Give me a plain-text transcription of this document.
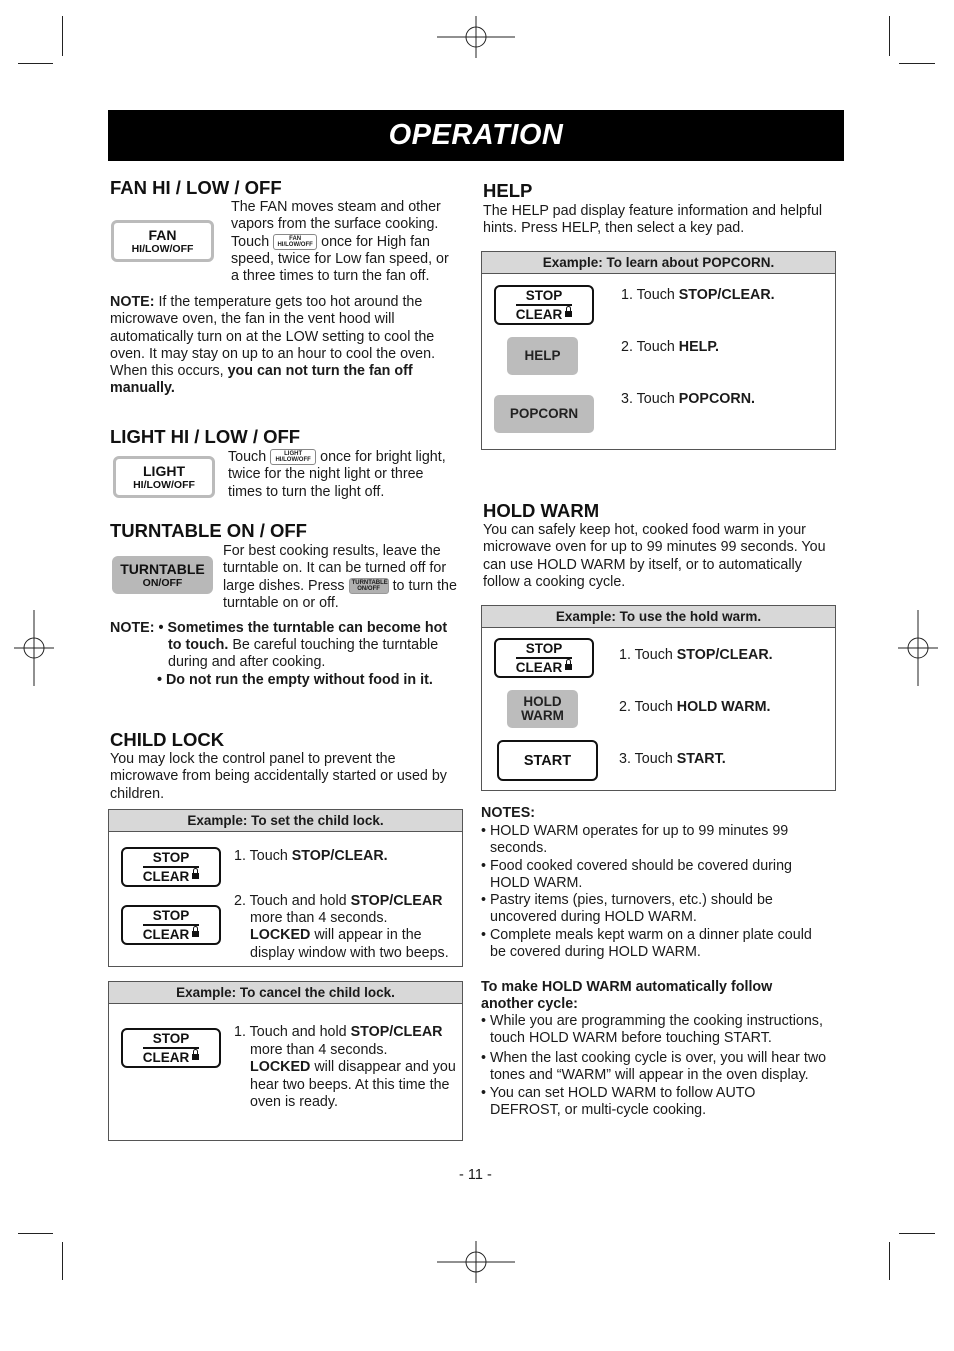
OPERATION
FAN HI / LOW / OFF
FAN
HI/LOW/OFF

The FAN moves steam and other
vapors from the surface cooking.
Touch	FAN
HI/LOW/OFF once for High fan
speed, twice for Low fan speed, or
a three times to turn the fan off.

NOTE: If the temperature gets too hot around the
microwave oven, the fan in the vent hood will
automatically turn on at the LOW setting to cool the
oven. It may stay on up to an hour to cool the oven.
When this occurs, you can not turn the fan off
manually.

LIGHT HI / LOW / OFF
LIGHT
HI/LOW/OFF

Touch	LIGHT
HI/LOW/OFF once for bright light,
twice for the night light or three
times to turn the light off.

TURNTABLE ON / OFF
TURNTABLE
ON/OFF

For best cooking results, leave the
turntable on. It can be turned off for
large dishes. Press TURNTABLE
ON/OFF to turn the
turntable on or off.

NOTE: • Sometimes the turntable can become hot
to touch. Be careful touching the turntable
during and after cooking.
• Do not run the empty without food in it.
CHILD LOCK

You may lock the control panel to prevent the
microwave from being accidentally started or used by
children.

Example: To set the child lock.
STOP
CLEAR
1. Touch STOP/CLEAR.
STOP
CLEAR
2. Touch and hold STOP/CLEAR
more than 4 seconds.
LOCKED will appear in the
display window with two beeps.
Example: To cancel the child lock.
STOP
CLEAR
1. Touch and hold STOP/CLEAR
more than 4 seconds.
LOCKED will disappear and you
hear two beeps. At this time the
oven is ready.
HELP

The HELP pad display feature information and helpful
hints. Press HELP, then select a key pad.

Example: To learn about POPCORN.
STOP
CLEAR
1. Touch STOP/CLEAR.
HELP
2. Touch HELP.
POPCORN
3. Touch POPCORN.
HOLD WARM

You can safely keep hot, cooked food warm in your
microwave oven for up to 99 minutes 99 seconds. You
can use HOLD WARM by itself, or to automatically
follow a cooking cycle.

Example: To use the hold warm.
STOP
CLEAR
1. Touch STOP/CLEAR.
HOLD
WARM
2. Touch HOLD WARM.
START	3. Touch START.
NOTES:
• HOLD WARM operates for up to 99 minutes 99
seconds.
• Food cooked covered should be covered during
HOLD WARM.
• Pastry items (pies, turnovers, etc.) should be
uncovered during HOLD WARM.
• Complete meals kept warm on a dinner plate could
be covered during HOLD WARM.
To make HOLD WARM automatically follow
another cycle:
• While you are programming the cooking instructions,
touch HOLD WARM before touching START.

• When the last cooking cycle is over, you will hear two
tones and “WARM” will appear in the oven display.
• You can set HOLD WARM to follow AUTO
DEFROST, or multi-cycle cooking.
- 11 -
